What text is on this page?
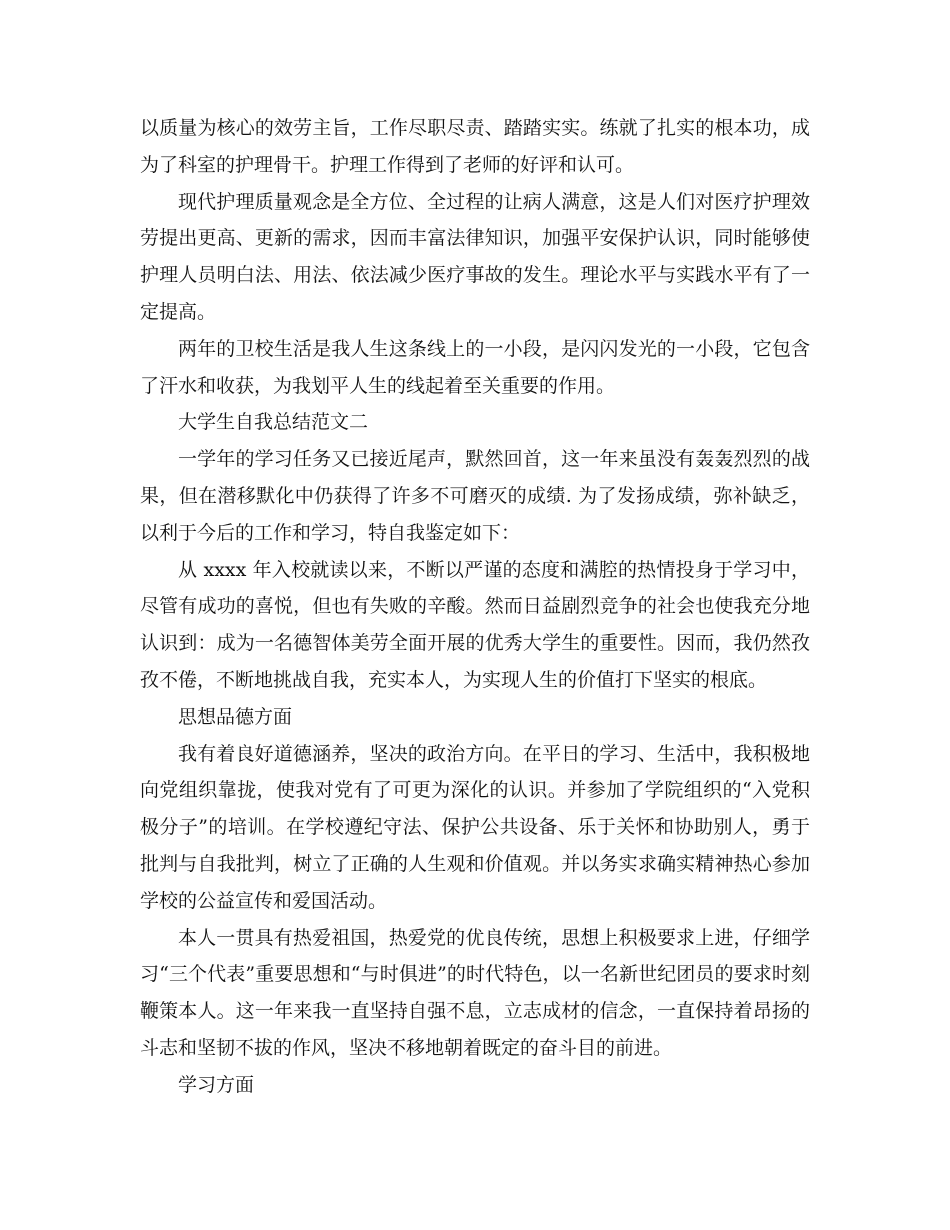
以质量为核心的效劳主旨，工作尽职尽责、踏踏实实。练就了扎实的根本功，成为了科室的护理骨干。护理工作得到了老师的好评和认可。

现代护理质量观念是全方位、全过程的让病人满意，这是人们对医疗护理效劳提出更高、更新的需求，因而丰富法律知识，加强平安保护认识，同时能够使护理人员明白法、用法、依法减少医疗事故的发生。理论水平与实践水平有了一定提高。

两年的卫校生活是我人生这条线上的一小段，是闪闪发光的一小段，它包含了汗水和收获，为我划平人生的线起着至关重要的作用。

大学生自我总结范文二

一学年的学习任务又已接近尾声，默然回首，这一年来虽没有轰轰烈烈的战果，但在潜移默化中仍获得了许多不可磨灭的成绩. 为了发扬成绩，弥补缺乏，以利于今后的工作和学习，特自我鉴定如下：

从 xxxx 年入校就读以来，不断以严谨的态度和满腔的热情投身于学习中，尽管有成功的喜悦，但也有失败的辛酸。然而日益剧烈竞争的社会也使我充分地认识到：成为一名德智体美劳全面开展的优秀大学生的重要性。因而，我仍然孜孜不倦，不断地挑战自我，充实本人，为实现人生的价值打下坚实的根底。

思想品德方面

我有着良好道德涵养，坚决的政治方向。在平日的学习、生活中，我积极地向党组织靠拢，使我对党有了可更为深化的认识。并参加了学院组织的“入党积极分子”的培训。在学校遵纪守法、保护公共设备、乐于关怀和协助别人，勇于批判与自我批判，树立了正确的人生观和价值观。并以务实求确实精神热心参加学校的公益宣传和爱国活动。

本人一贯具有热爱祖国，热爱党的优良传统，思想上积极要求上进，仔细学习“三个代表”重要思想和“与时俱进”的时代特色，以一名新世纪团员的要求时刻鞭策本人。这一年来我一直坚持自强不息，立志成材的信念，一直保持着昂扬的斗志和坚韧不拔的作风，坚决不移地朝着既定的奋斗目的前进。

学习方面
